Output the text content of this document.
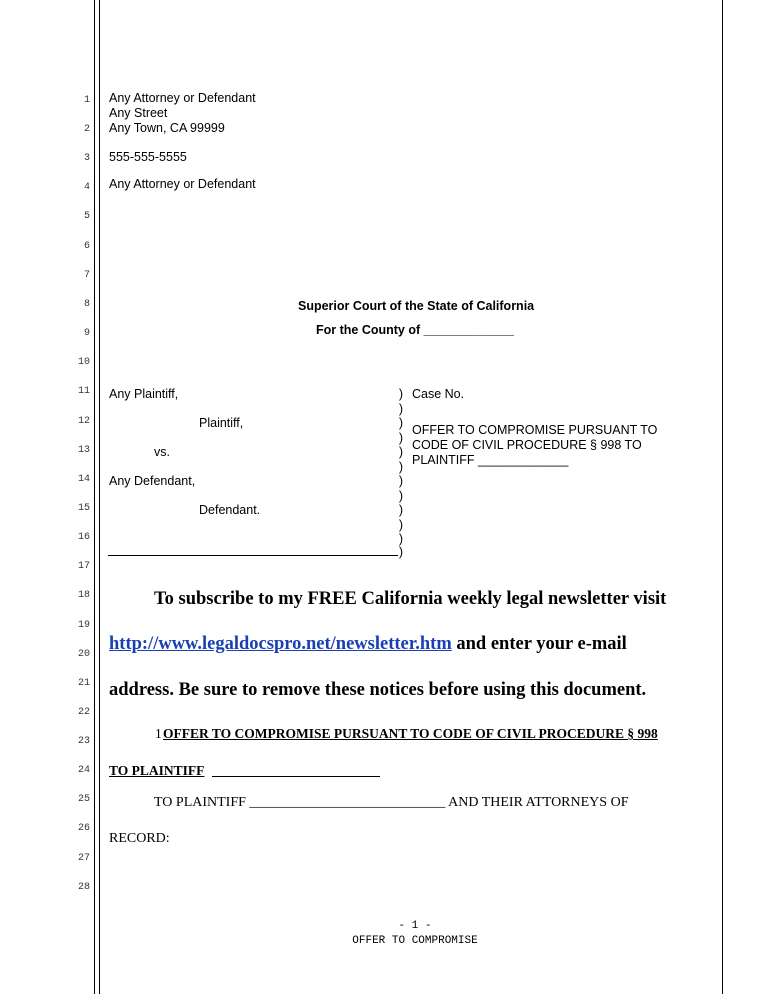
1
2
3
4
5
6
7
8
9
10
11
12
13
14
15
16
17
18
19
20
21
22
23
24
25
26
27
28
Any Attorney or Defendant
Any Street
Any Town, CA 99999
555-555-5555
Any Attorney or Defendant
Superior Court of the State of California
For the County of _____________
Any Plaintiff,
Plaintiff,
vs.
Any Defendant,
Defendant.
)
)
)
)
)
)
)
)
)
)
)
)
Case No.
OFFER TO COMPROMISE PURSUANT TO
CODE OF CIVIL PROCEDURE § 998 TO
PLAINTIFF _____________
To subscribe to my FREE California weekly legal newsletter visit
http://www.legaldocspro.net/newsletter.htm and enter your e-mail
address. Be sure to remove these notices before using this document.
1 OFFER TO COMPROMISE PURSUANT TO CODE OF CIVIL PROCEDURE § 998
TO PLAINTIFF
TO PLAINTIFF ____________________________ AND THEIR ATTORNEYS OF
RECORD:
- 1 -
OFFER TO COMPROMISE
